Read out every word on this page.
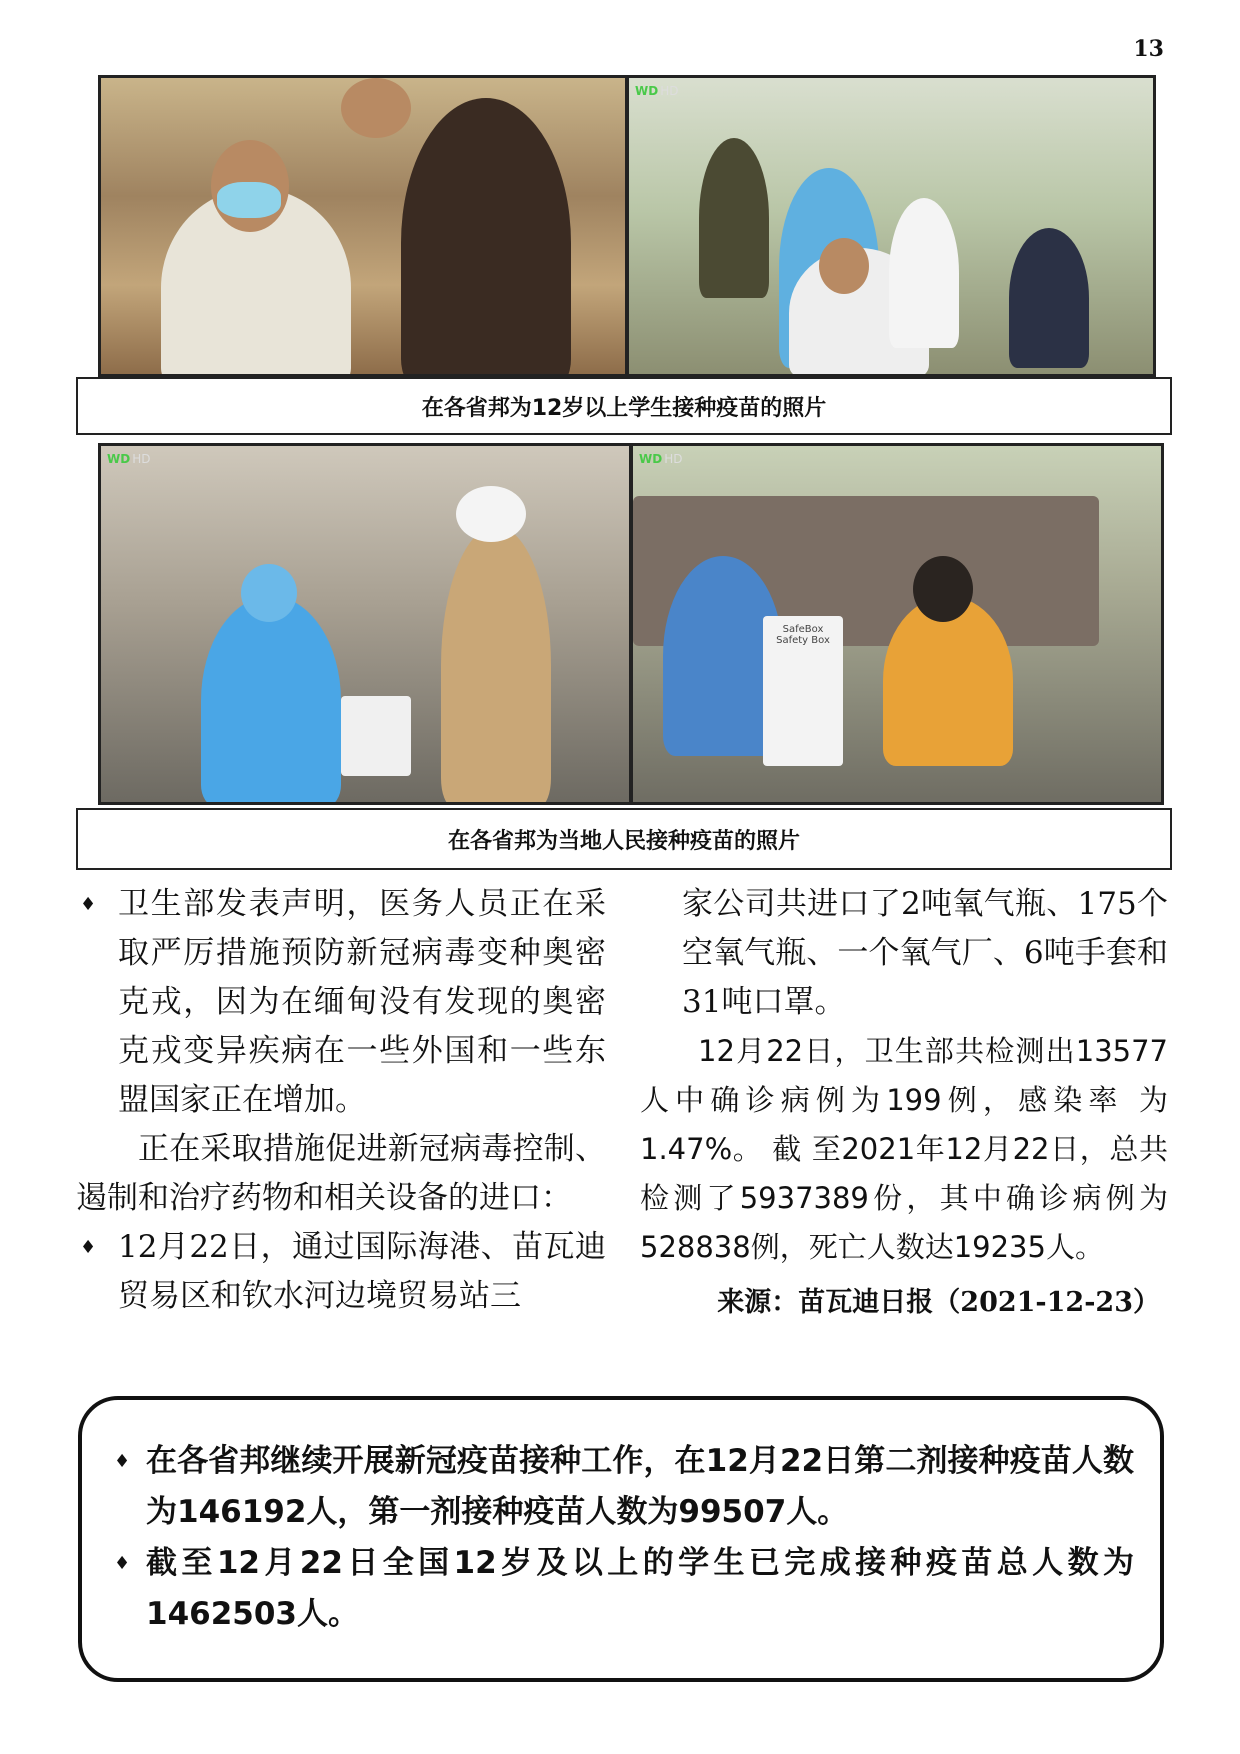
13
WD HD
在各省邦为12岁以上学生接种疫苗的照片
WD HD	WD HD
SafeBox
Safety Box
在各省邦为当地人民接种疫苗的照片
♦ 卫生部发表声明，医务人员正在采取严厉措施预防新冠病毒变种奥密克戎，因为在缅甸没有发现的奥密克戎变异疾病在一些外国和一些东盟国家正在增加。
正在采取措施促进新冠病毒控制、遏制和治疗药物和相关设备的进口：
♦ 12月22日，通过国际海港、苗瓦迪贸易区和钦水河边境贸易站三
家公司共进口了2吨氧气瓶、175个空氧气瓶、一个氧气厂、6吨手套和31吨口罩。
12月22日，卫生部共检测出13577人中确诊病例为199例，感染率 为1.47%。 截 至2021年12月22日，总共检测了5937389份，其中确诊病例为528838例，死亡人数达19235人。
来源：苗瓦迪日报（2021-12-23）
♦ 在各省邦继续开展新冠疫苗接种工作，在12月22日第二剂接种疫苗人数为146192人，第一剂接种疫苗人数为99507人。
♦ 截至12月22日全国12岁及以上的学生已完成接种疫苗总人数为1462503人。
